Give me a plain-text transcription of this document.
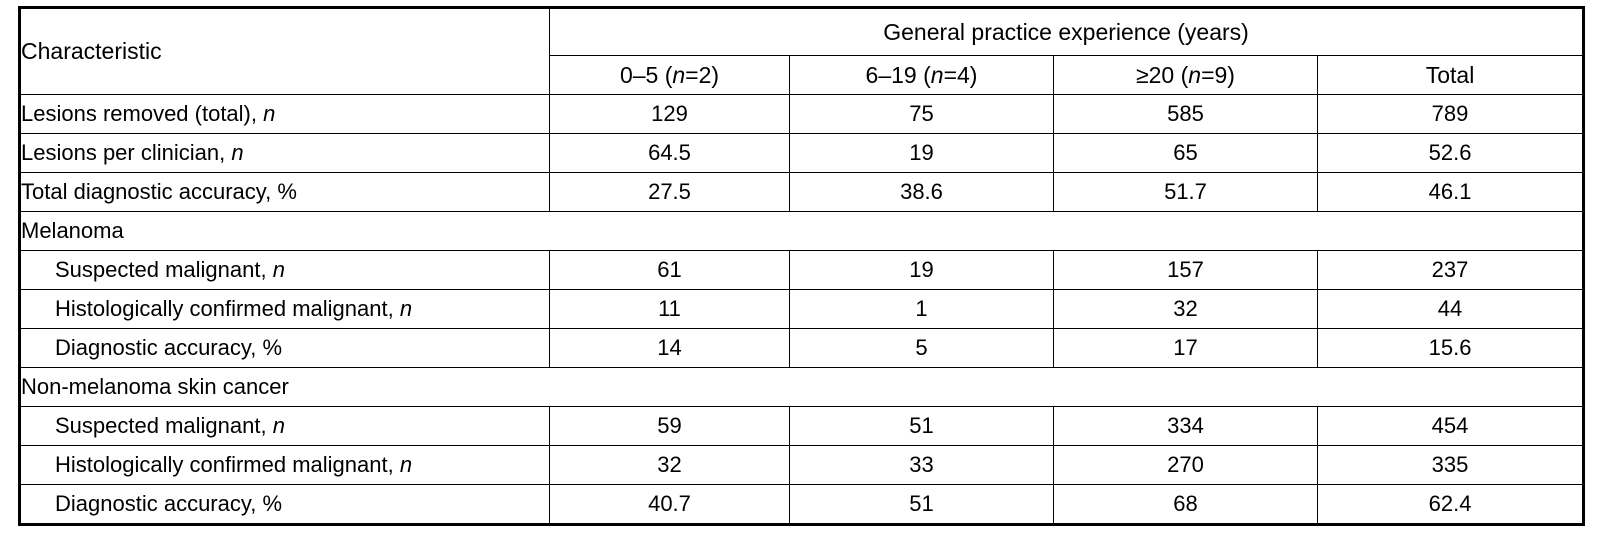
Characteristic	General practice experience (years)			
	0–5 (n=2)	6–19 (n=4)	≥20 (n=9)	Total
Lesions removed (total), n	129	75	585	789
Lesions per clinician, n	64.5	19	65	52.6
Total diagnostic accuracy, %	27.5	38.6	51.7	46.1
Melanoma				
Suspected malignant, n	61	19	157	237
Histologically confirmed malignant, n	11	1	32	44
Diagnostic accuracy, %	14	5	17	15.6
Non-melanoma skin cancer				
Suspected malignant, n	59	51	334	454
Histologically confirmed malignant, n	32	33	270	335
Diagnostic accuracy, %	40.7	51	68	62.4
